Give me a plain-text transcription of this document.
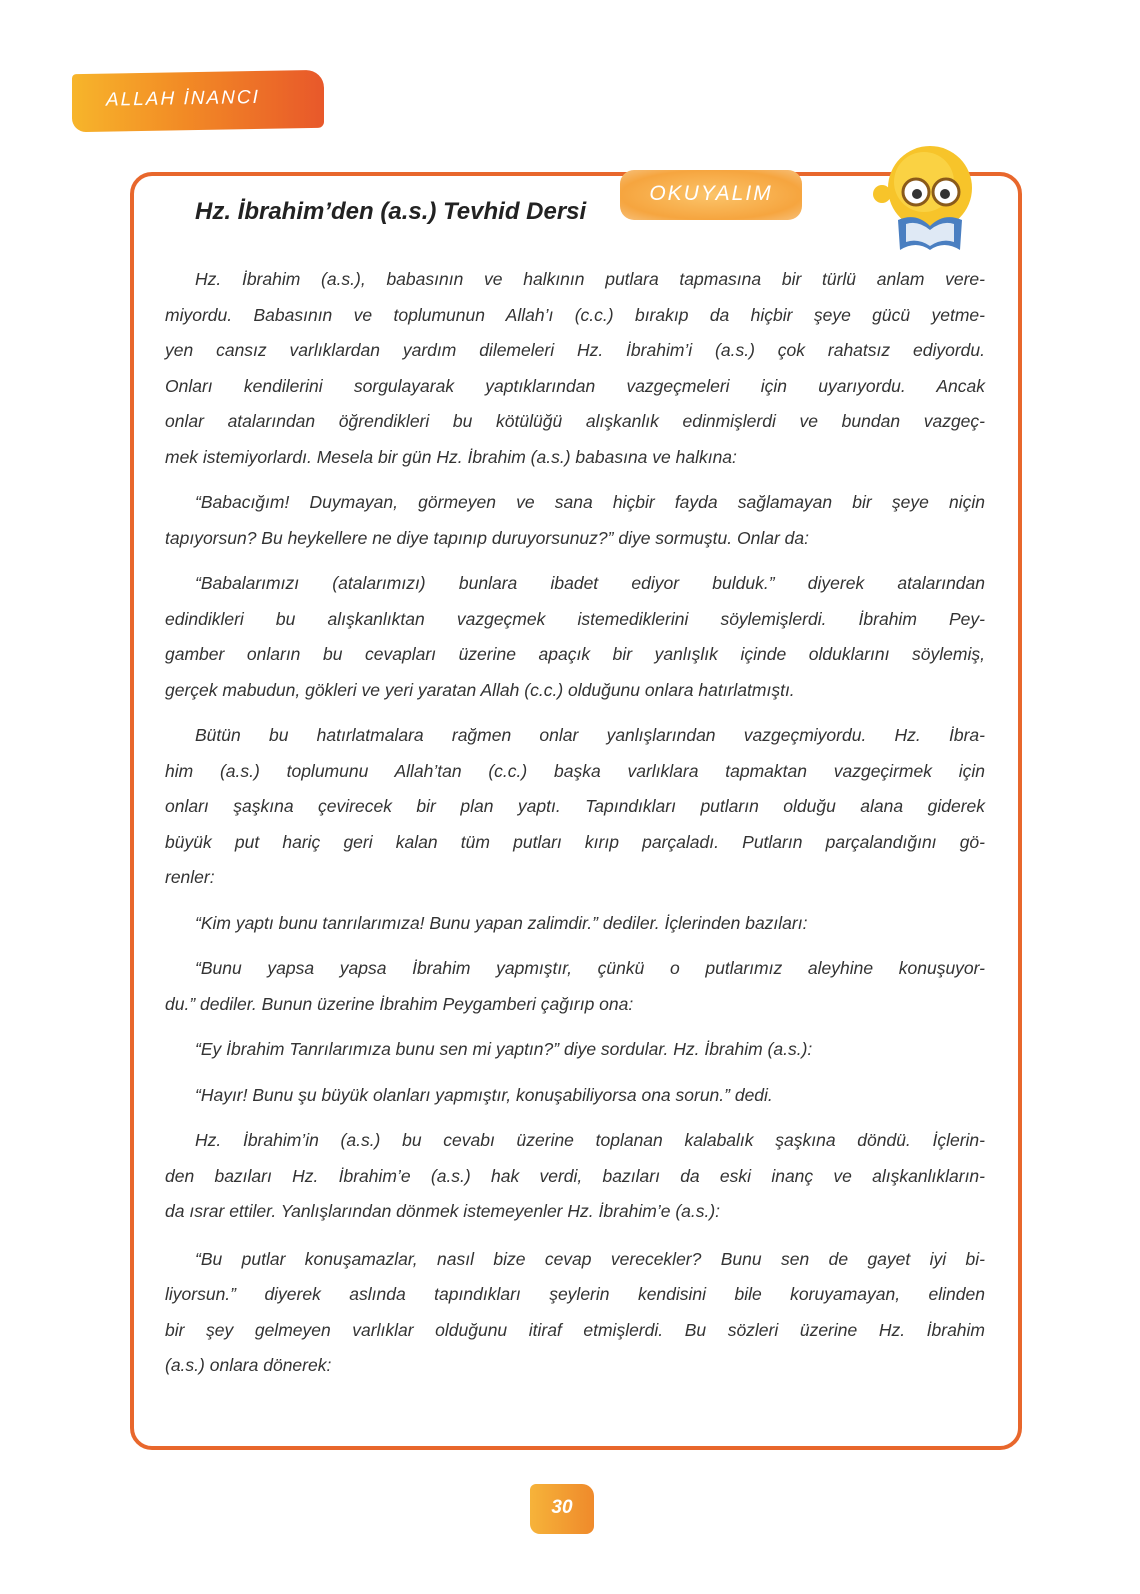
ALLAH İNANCI
Hz. İbrahim’den (a.s.) Tevhid Dersi
OKUYALIM
Hz. İbrahim (a.s.), babasının ve halkının putlara tapmasına bir türlü anlam vere-
miyordu. Babasının ve toplumunun Allah’ı (c.c.) bırakıp da hiçbir şeye gücü yetme-
yen cansız varlıklardan yardım dilemeleri Hz. İbrahim’i (a.s.) çok rahatsız ediyordu.
Onları kendilerini sorgulayarak yaptıklarından vazgeçmeleri için uyarıyordu. Ancak
onlar atalarından öğrendikleri bu kötülüğü alışkanlık edinmişlerdi ve bundan vazgeç-
mek istemiyorlardı. Mesela bir gün Hz. İbrahim (a.s.) babasına ve halkına:
“Babacığım! Duymayan, görmeyen ve sana hiçbir fayda sağlamayan bir şeye niçin
tapıyorsun? Bu heykellere ne diye tapınıp duruyorsunuz?” diye sormuştu. Onlar da:
“Babalarımızı (atalarımızı) bunlara ibadet ediyor bulduk.” diyerek atalarından
edindikleri bu alışkanlıktan vazgeçmek istemediklerini söylemişlerdi. İbrahim Pey-
gamber onların bu cevapları üzerine apaçık bir yanlışlık içinde olduklarını söylemiş,
gerçek mabudun, gökleri ve yeri yaratan Allah (c.c.) olduğunu onlara hatırlatmıştı.
Bütün bu hatırlatmalara rağmen onlar yanlışlarından vazgeçmiyordu. Hz. İbra-
him (a.s.) toplumunu Allah’tan (c.c.) başka varlıklara tapmaktan vazgeçirmek için
onları şaşkına çevirecek bir plan yaptı. Tapındıkları putların olduğu alana giderek
büyük put hariç geri kalan tüm putları kırıp parçaladı. Putların parçalandığını gö-
renler:
“Kim yaptı bunu tanrılarımıza! Bunu yapan zalimdir.” dediler. İçlerinden bazıları:
“Bunu yapsa yapsa İbrahim yapmıştır, çünkü o putlarımız aleyhine konuşuyor-
du.” dediler. Bunun üzerine İbrahim Peygamberi çağırıp ona:
“Ey İbrahim Tanrılarımıza bunu sen mi yaptın?” diye sordular. Hz. İbrahim (a.s.):
“Hayır! Bunu şu büyük olanları yapmıştır, konuşabiliyorsa ona sorun.” dedi.
Hz. İbrahim’in (a.s.) bu cevabı üzerine toplanan kalabalık şaşkına döndü. İçlerin-
den bazıları Hz. İbrahim’e (a.s.) hak verdi, bazıları da eski inanç ve alışkanlıkların-
da ısrar ettiler. Yanlışlarından dönmek istemeyenler Hz. İbrahim’e (a.s.):
“Bu putlar konuşamazlar, nasıl bize cevap verecekler? Bunu sen de gayet iyi bi-
liyorsun.” diyerek aslında tapındıkları şeylerin kendisini bile koruyamayan, elinden
bir şey gelmeyen varlıklar olduğunu itiraf etmişlerdi. Bu sözleri üzerine Hz. İbrahim
(a.s.) onlara dönerek:
30
